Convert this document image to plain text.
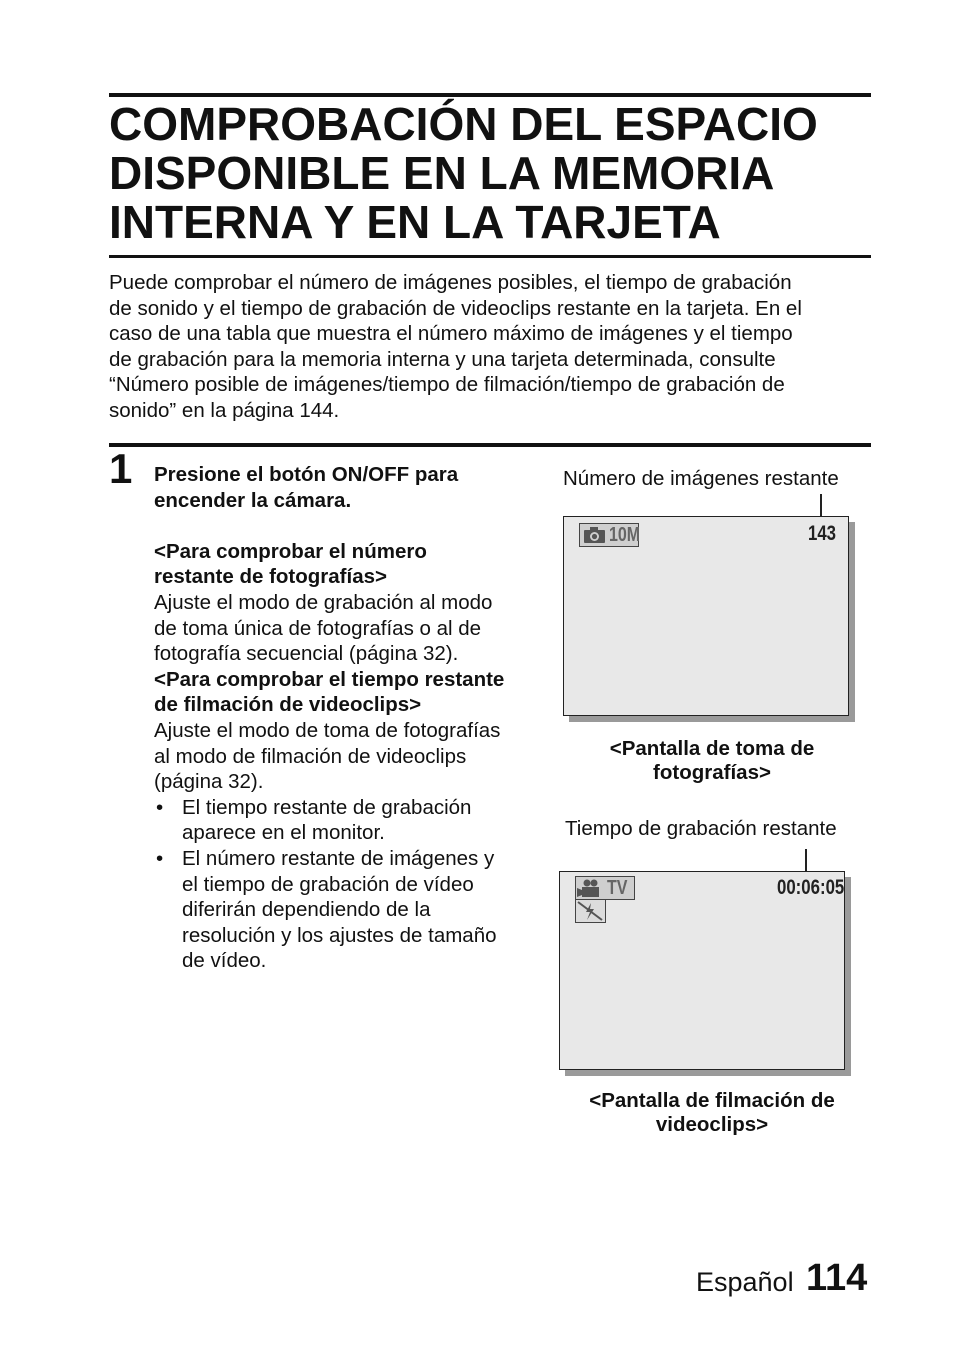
COMPROBACIÓN DEL ESPACIO
DISPONIBLE EN LA MEMORIA
INTERNA Y EN LA TARJETA
Puede comprobar el número de imágenes posibles, el tiempo de grabación
de sonido y el tiempo de grabación de videoclips restante en la tarjeta. En el
caso de una tabla que muestra el número máximo de imágenes y el tiempo
de grabación para la memoria interna y una tarjeta determinada, consulte
“Número posible de imágenes/tiempo de filmación/tiempo de grabación de
sonido” en la página 144.
1 Presione el botón ON/OFF para
encender la cámara.
<Para comprobar el número
restante de fotografías>
Ajuste el modo de grabación al modo
de toma única de fotografías o al de
fotografía secuencial (página 32).
<Para comprobar el tiempo restante
de filmación de videoclips>
Ajuste el modo de toma de fotografías
al modo de filmación de videoclips
(página 32).
• El tiempo restante de grabación
aparece en el monitor.
• El número restante de imágenes y
el tiempo de grabación de vídeo
diferirán dependiendo de la
resolución y los ajustes de tamaño
de vídeo.
Número de imágenes restante
10M	143
<Pantalla de toma de
fotografías>
Tiempo de grabación restante
TV	00:06:05
<Pantalla de filmación de
videoclips>
Español 114
